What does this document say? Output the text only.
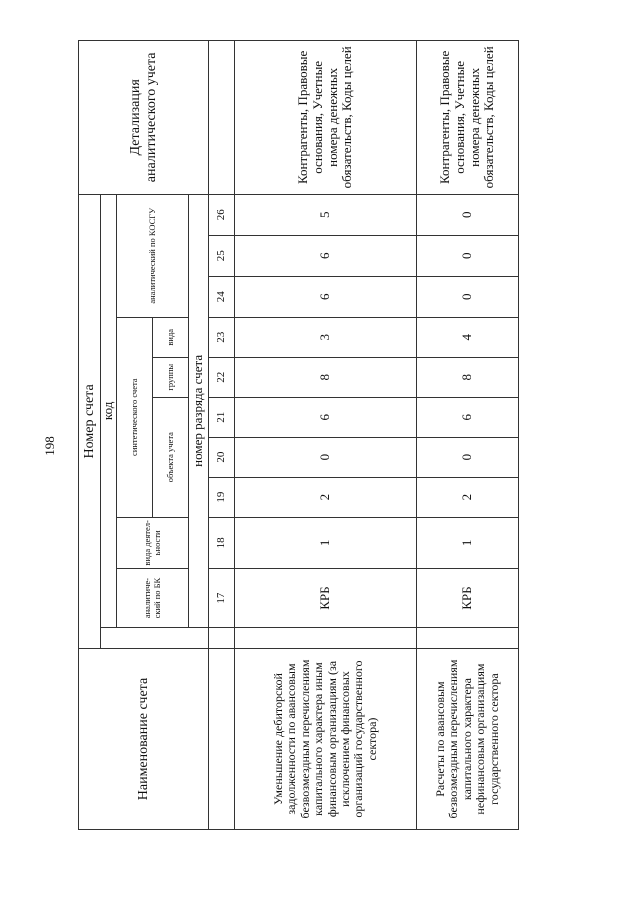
198
Наименование счета	Номер счета											Детализация аналитического учета
		код										
		аналитический по БК	вида деятельности	синтетического счета					аналитический по КОСГУ			
				объекта учета			группы	вида				
		номер разряда счета										
		17	18	19	20	21	22	23	24	25	26	
Уменьшение дебиторской задолженности по авансовым безвозмездным перечислениям капитального характера иным финансовым организациям (за исключением финансовых организаций государственного сектора)		КРБ	1	2	0	6	8	3	6	6	5	Контрагенты, Правовые основания, Учетные номера денежных обязательств, Коды целей
Расчеты по авансовым безвозмездным перечислениям капитального характера нефинансовым организациям государственного сектора		КРБ	1	2	0	6	8	4	0	0	0	Контрагенты, Правовые основания, Учетные номера денежных обязательств, Коды целей
